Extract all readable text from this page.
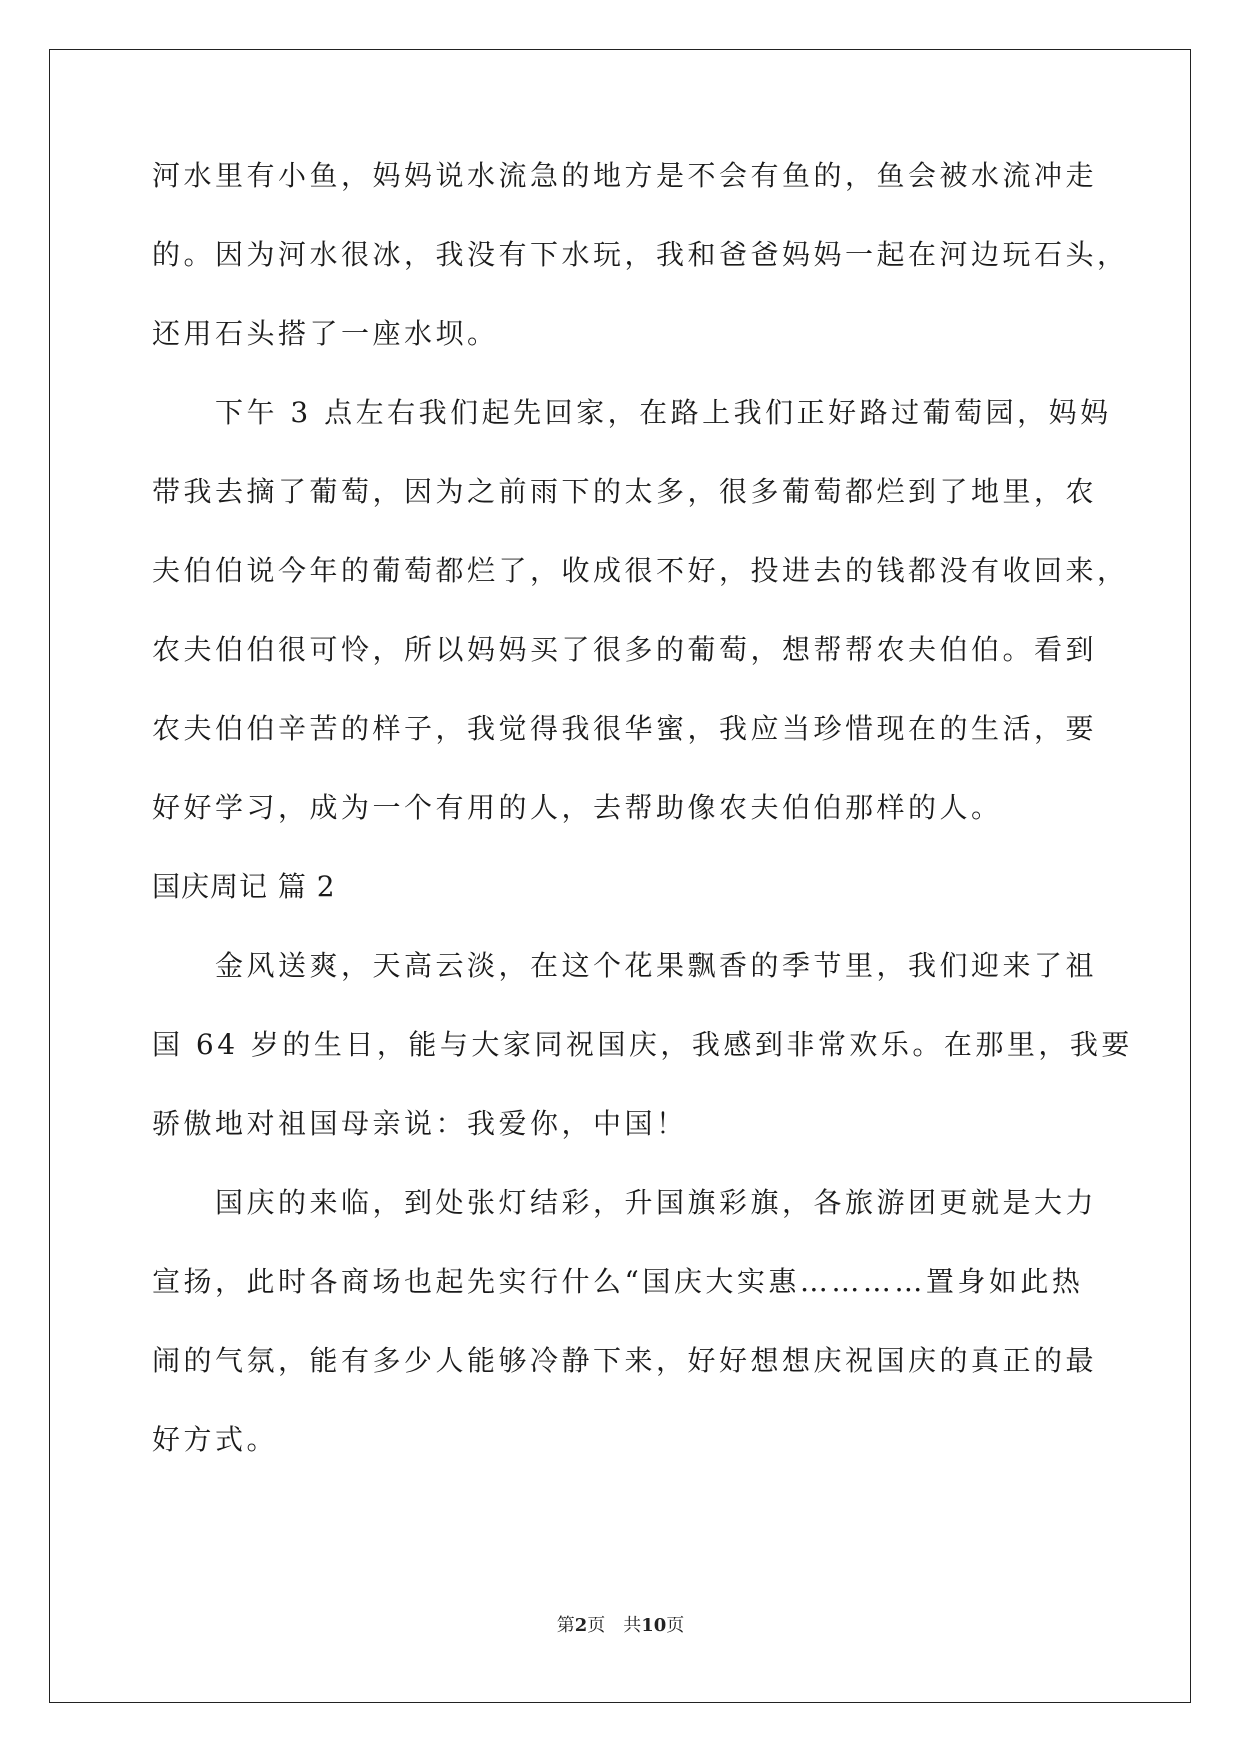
河水里有小鱼，妈妈说水流急的地方是不会有鱼的，鱼会被水流冲走
的。因为河水很冰，我没有下水玩，我和爸爸妈妈一起在河边玩石头，
还用石头搭了一座水坝。
　　下午 3 点左右我们起先回家，在路上我们正好路过葡萄园，妈妈
带我去摘了葡萄，因为之前雨下的太多，很多葡萄都烂到了地里，农
夫伯伯说今年的葡萄都烂了，收成很不好，投进去的钱都没有收回来，
农夫伯伯很可怜，所以妈妈买了很多的葡萄，想帮帮农夫伯伯。看到
农夫伯伯辛苦的样子，我觉得我很华蜜，我应当珍惜现在的生活，要
好好学习，成为一个有用的人，去帮助像农夫伯伯那样的人。
国庆周记 篇 2
　　金风送爽，天高云淡，在这个花果飘香的季节里，我们迎来了祖
国 64 岁的生日，能与大家同祝国庆，我感到非常欢乐。在那里，我要
骄傲地对祖国母亲说：我爱你，中国！
　　国庆的来临，到处张灯结彩，升国旗彩旗，各旅游团更就是大力
宣扬，此时各商场也起先实行什么“国庆大实惠…………置身如此热
闹的气氛，能有多少人能够冷静下来，好好想想庆祝国庆的真正的最
好方式。
第2页 共10页
